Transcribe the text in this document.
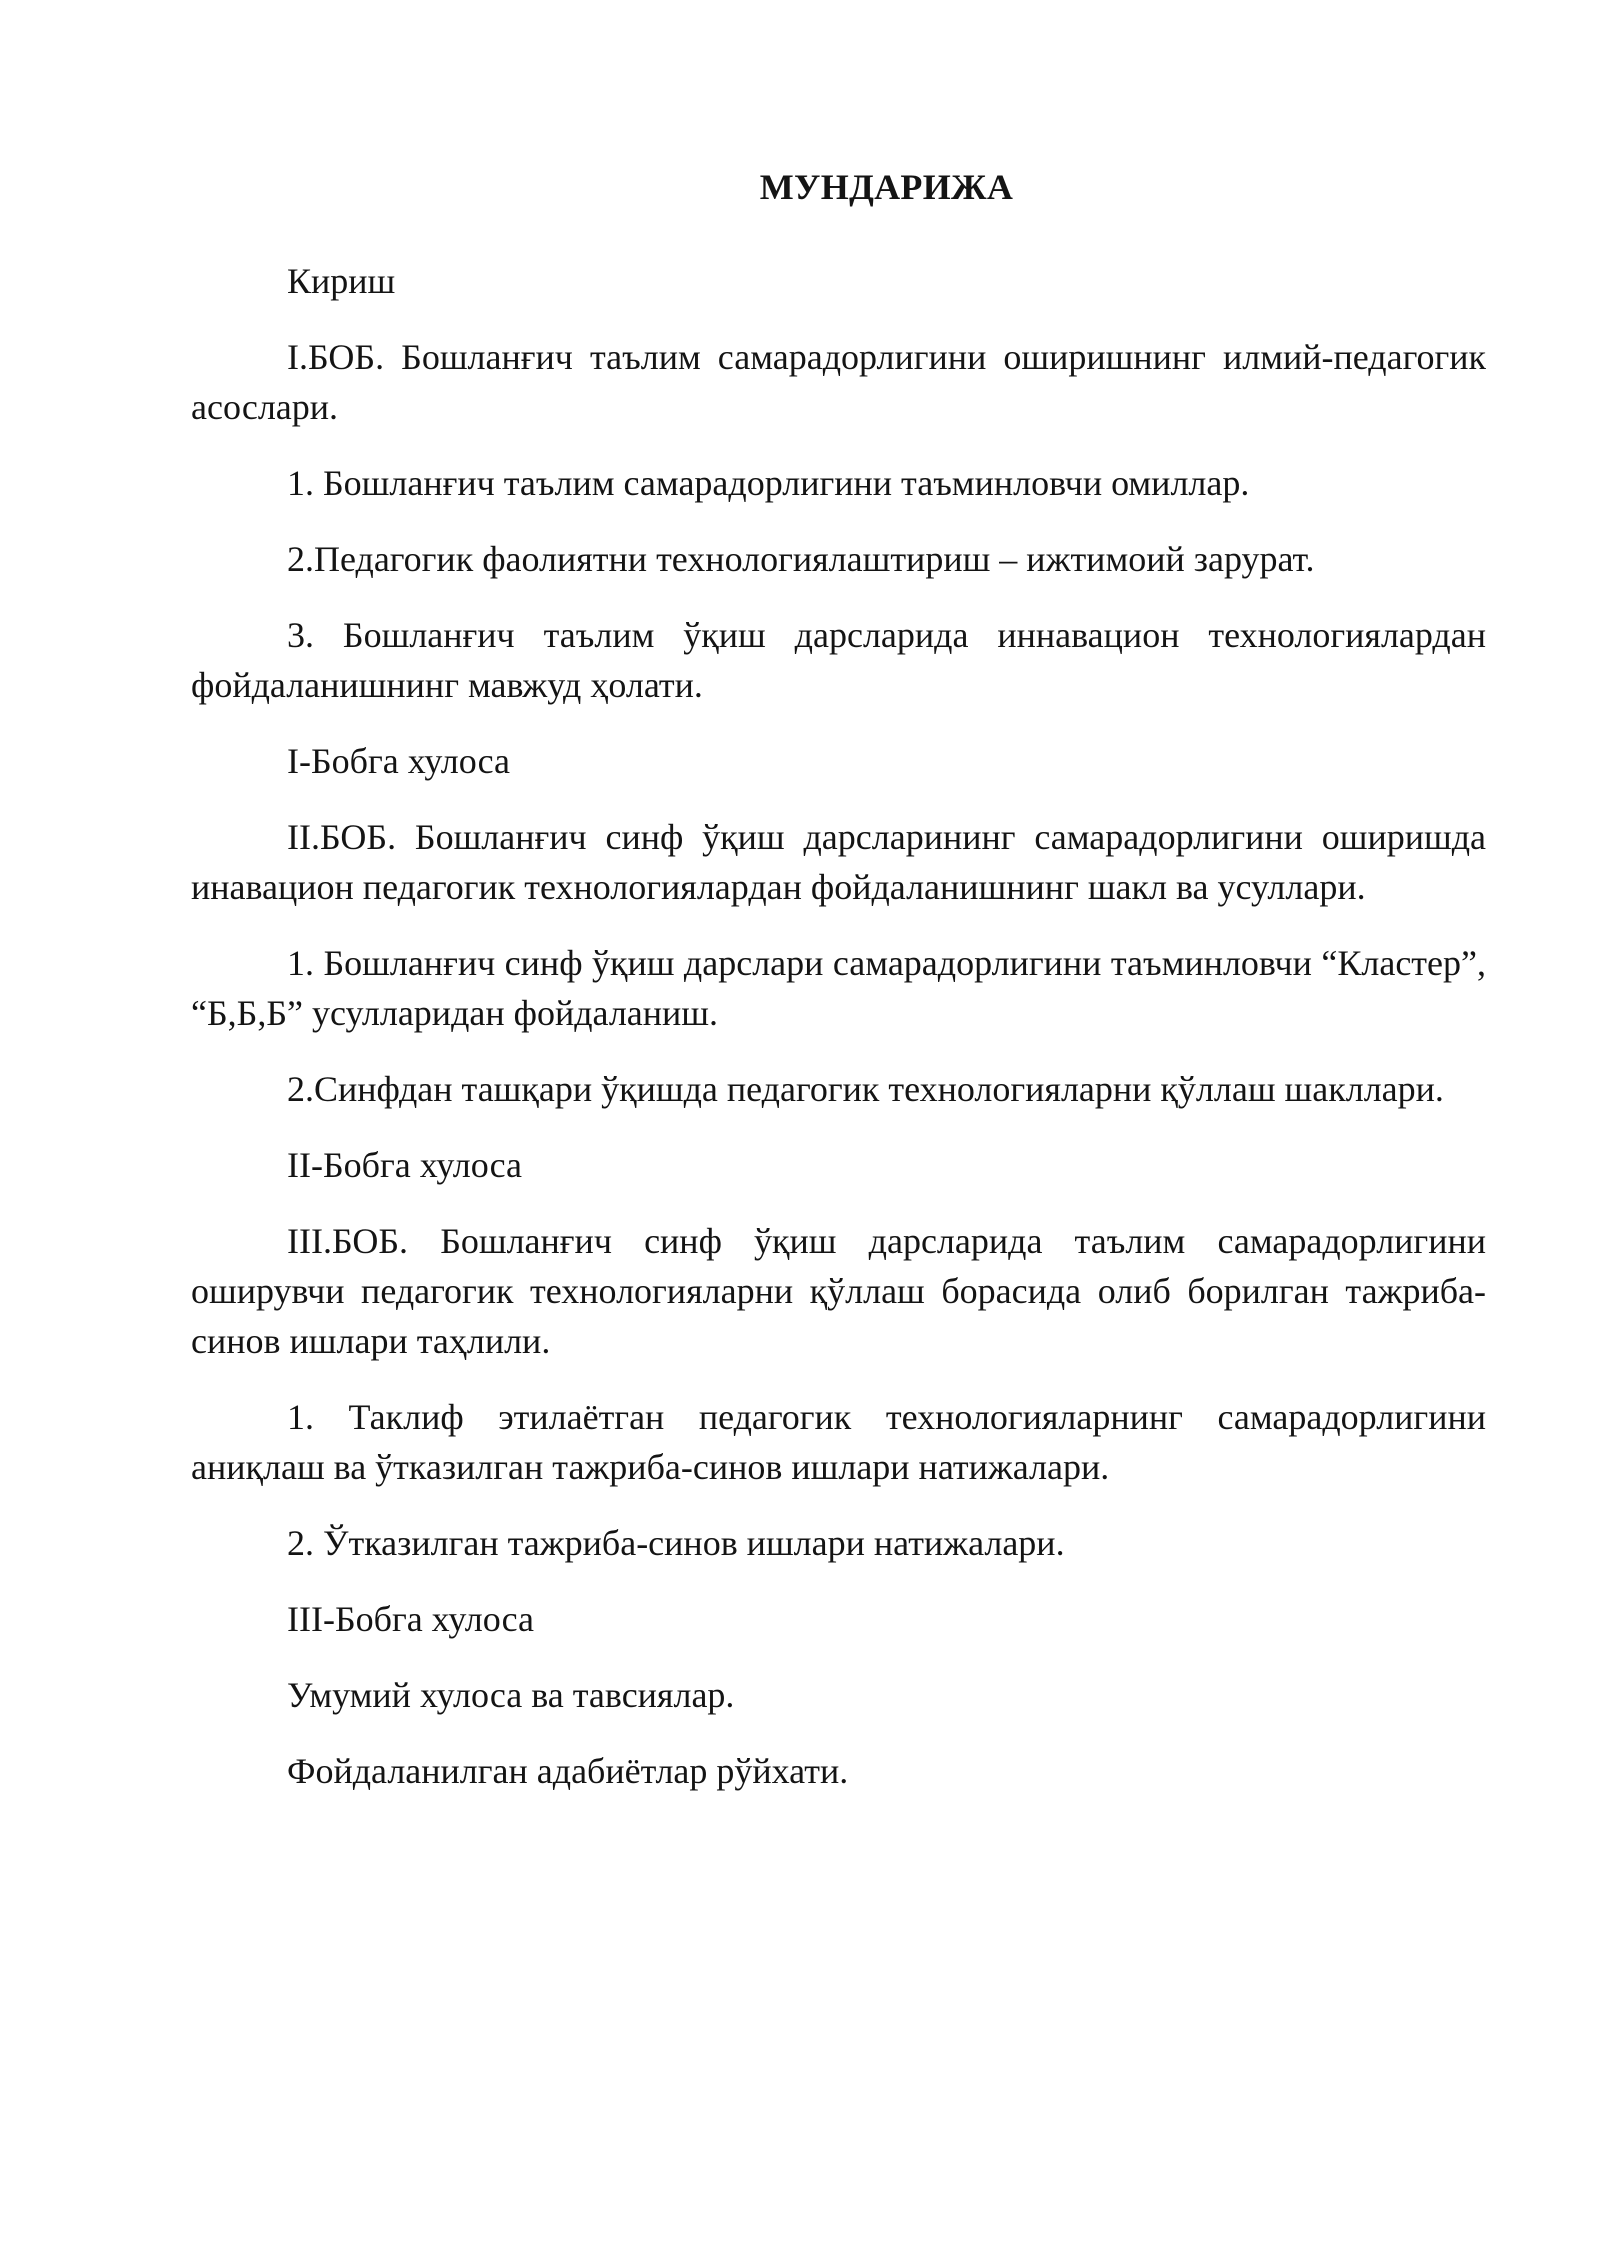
МУНДАРИЖА

Кириш

I.БОБ. Бошланғич таълим самарадорлигини оширишнинг илмий-педагогик асослари.

1. Бошланғич таълим самарадорлигини таъминловчи омиллар.

2.Педагогик фаолиятни технологиялаштириш – ижтимоий зарурат.

3. Бошланғич таълим ўқиш дарсларида иннавацион технологиялардан фойдаланишнинг мавжуд ҳолати.

I-Бобга хулоса

II.БОБ. Бошланғич синф ўқиш дарсларининг самарадорлигини оширишда инавацион педагогик технологиялардан фойдаланишнинг шакл ва усуллари.

1. Бошланғич синф ўқиш дарслари самарадорлигини таъминловчи “Кластер”, “Б,Б,Б” усулларидан фойдаланиш.

2.Синфдан ташқари ўқишда педагогик технологияларни қўллаш шакллари.

II-Бобга хулоса

III.БОБ. Бошланғич синф ўқиш дарсларида таълим самарадорлигини оширувчи педагогик технологияларни қўллаш борасида олиб борилган тажриба-синов ишлари таҳлили.

1. Таклиф этилаётган педагогик технологияларнинг самарадорлигини аниқлаш ва ўтказилган тажриба-синов ишлари натижалари.

2. Ўтказилган тажриба-синов ишлари натижалари.

III-Бобга хулоса

Умумий хулоса ва тавсиялар.

Фойдаланилган адабиётлар рўйхати.
